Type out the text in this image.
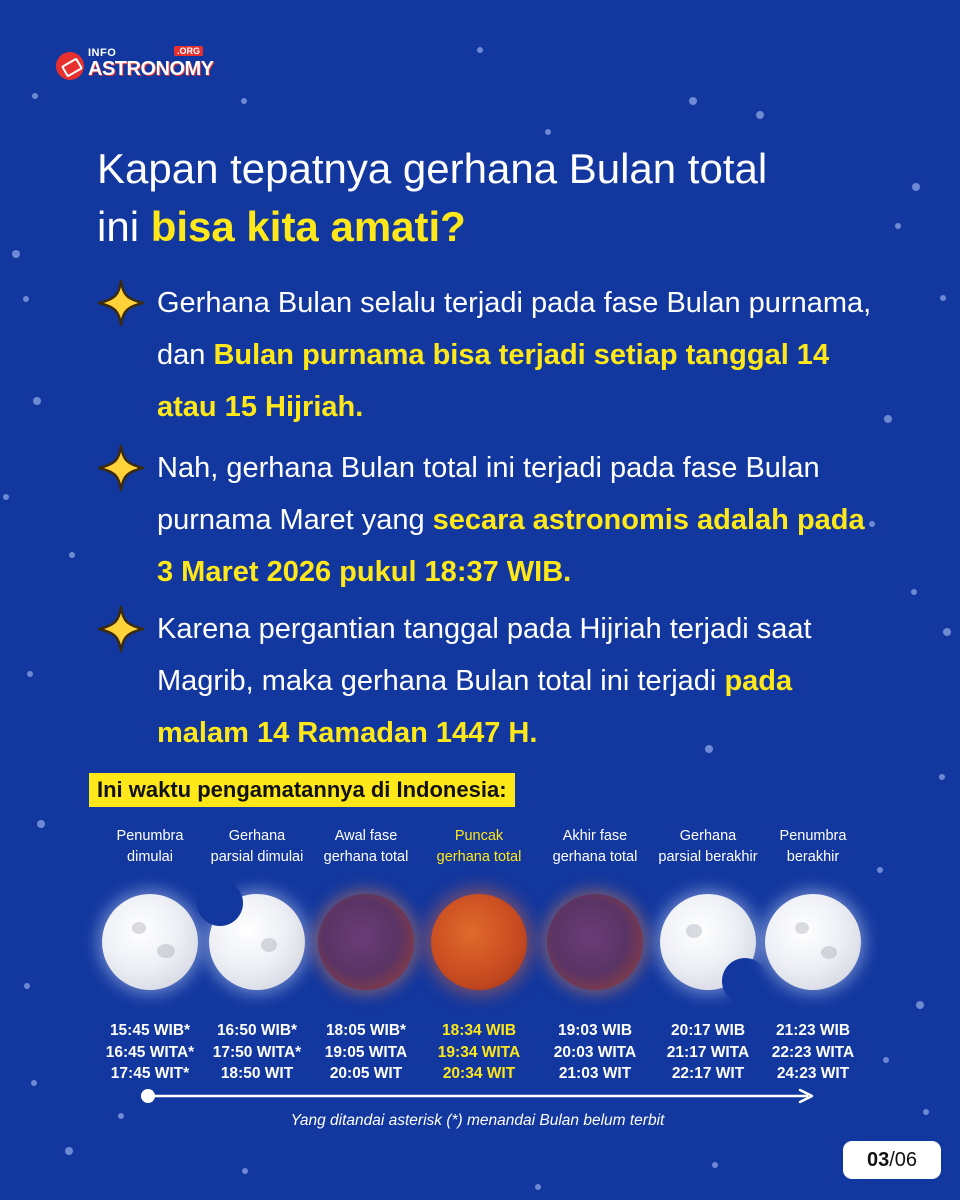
INFO
ASTRONOMY
.ORG
Kapan tepatnya gerhana Bulan total
ini bisa kita amati?
Gerhana Bulan selalu terjadi pada fase Bulan purnama, dan Bulan purnama bisa terjadi setiap tanggal 14 atau 15 Hijriah.
Nah, gerhana Bulan total ini terjadi pada fase Bulan purnama Maret yang secara astronomis adalah pada 3 Maret 2026 pukul 18:37 WIB.
Karena pergantian tanggal pada Hijriah terjadi saat Magrib, maka gerhana Bulan total ini terjadi pada malam 14 Ramadan 1447 H.
Ini waktu pengamatannya di Indonesia:
Penumbra
dimulai
15:45 WIB*
16:45 WITA*
17:45 WIT*
Gerhana
parsial dimulai
16:50 WIB*
17:50 WITA*
18:50 WIT
Awal fase
gerhana total
18:05 WIB*
19:05 WITA
20:05 WIT
Puncak
gerhana total
18:34 WIB
19:34 WITA
20:34 WIT
Akhir fase
gerhana total
19:03 WIB
20:03 WITA
21:03 WIT
Gerhana
parsial berakhir
20:17 WIB
21:17 WITA
22:17 WIT
Penumbra
berakhir
21:23 WIB
22:23 WITA
24:23 WIT
Yang ditandai asterisk (*) menandai Bulan belum terbit
03/06
